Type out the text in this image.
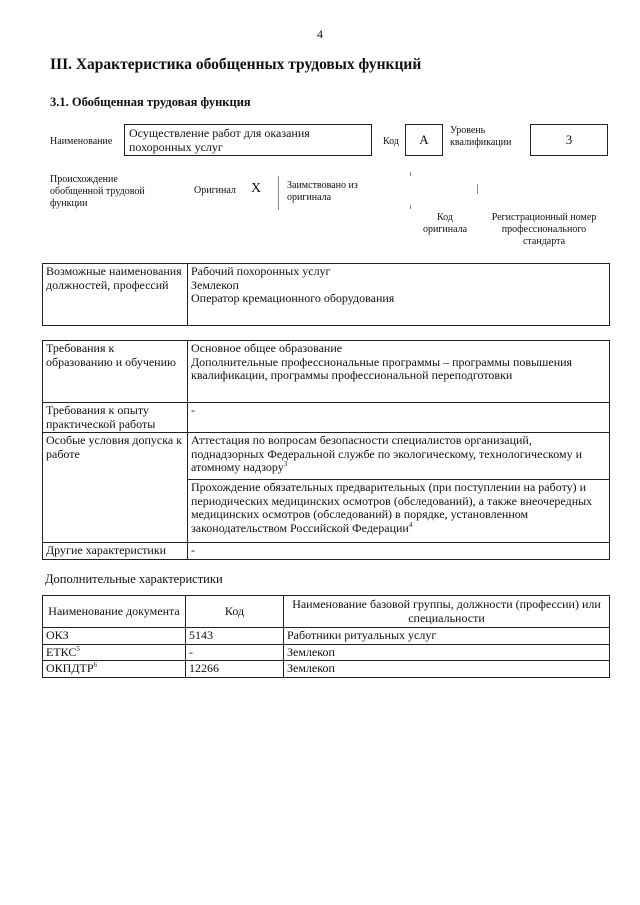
4
III. Характеристика обобщенных трудовых функций
3.1. Обобщенная трудовая функция
Наименование
Осуществление работ для оказания похоронных услуг	Код	А
Уровень квалификации	3
Происхождение обобщенной трудовой функции
Оригинал Х	Заимствовано из оригинала
Код оригинала
Регистрационный номер профессионального стандарта
Возможные наименования должностей, профессий	
Рабочий похоронных услуг
Землекоп
Оператор кремационного оборудования
Требования к образованию и обучению	Основное общее образование
Дополнительные профессиональные программы – программы повышения квалификации, программы профессиональной переподготовки
Требования к опыту практической работы	-
Особые условия допуска к работе	Аттестация по вопросам безопасности специалистов организаций, поднадзорных Федеральной службе по экологическому, технологическому и атомному надзору$^3$
	Прохождение обязательных предварительных (при поступлении на работу) и периодических медицинских осмотров (обследований), а также внеочередных медицинских осмотров (обследований) в порядке, установленном законодательством Российской Федерации$^4$
Другие характеристики	-
Дополнительные характеристики
Наименование документа	Код	Наименование базовой группы, должности (профессии) или специальности
ОКЗ	5143	Работники ритуальных услуг
ЕТКС$^5$	-	Землекоп
ОКПДТР$^6$	12266	Землекоп
